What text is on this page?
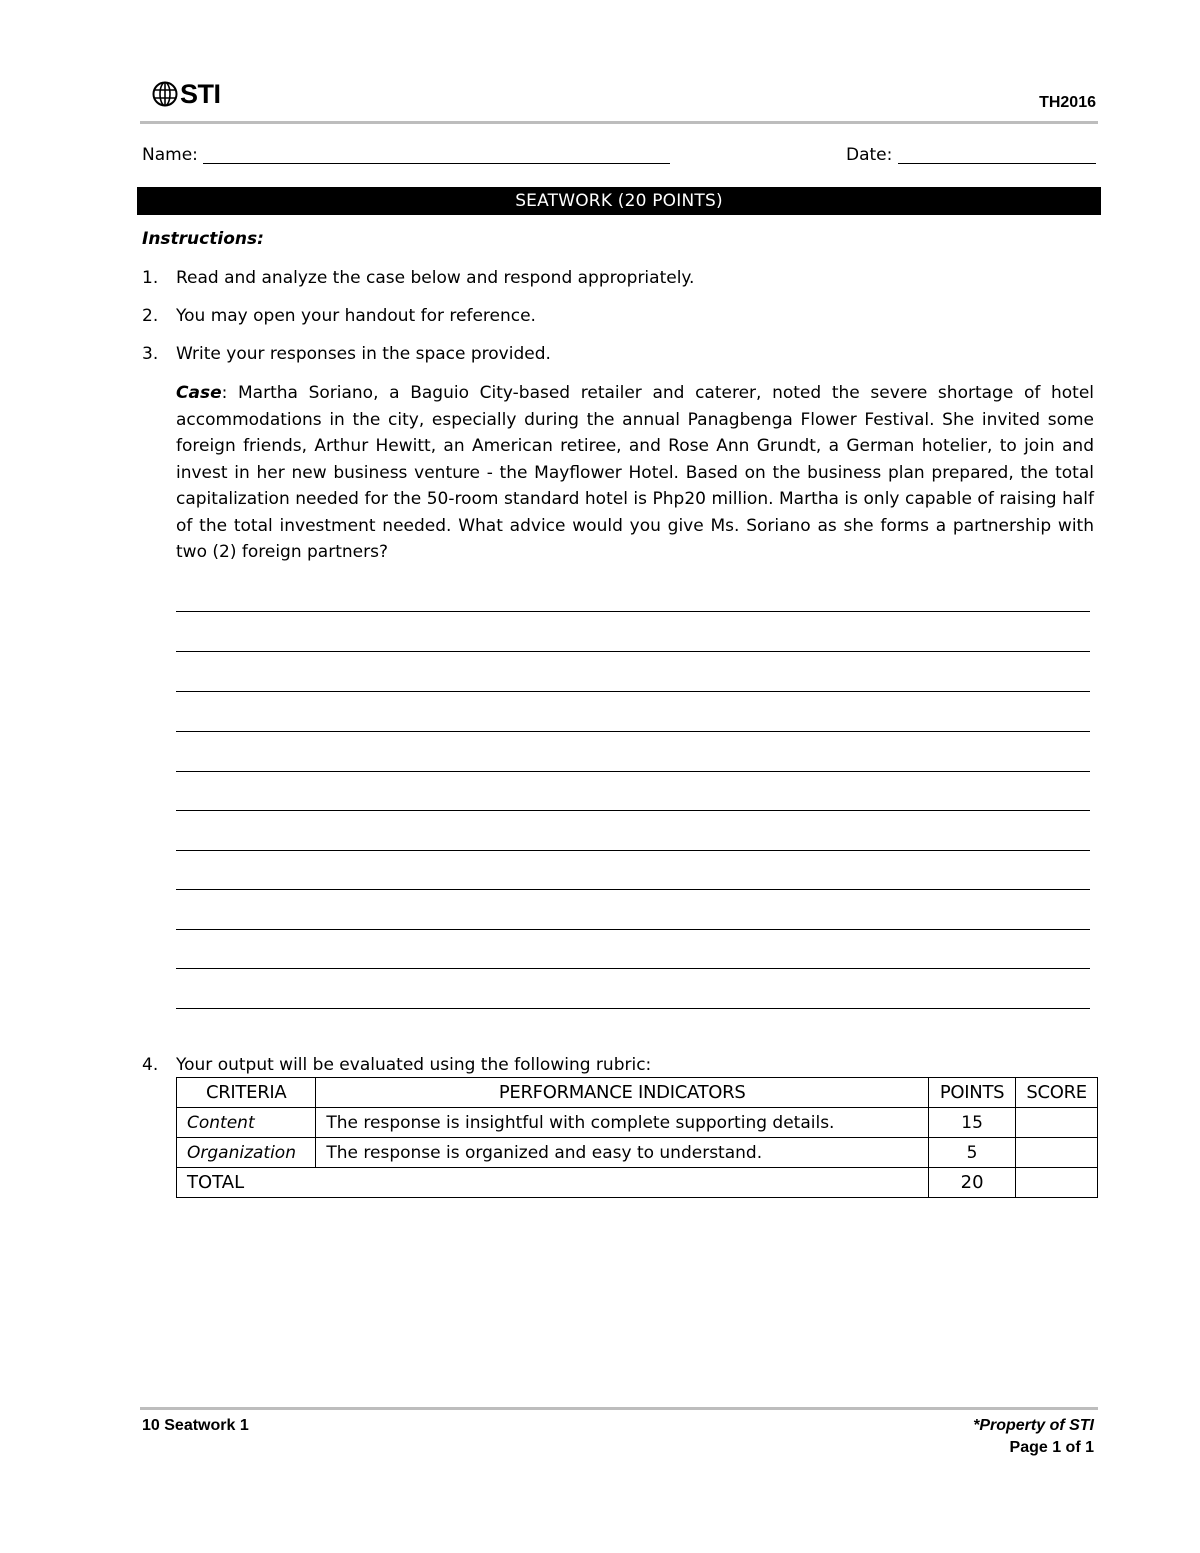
STI	TH2016
Name:	Date:
SEATWORK (20 POINTS)
Instructions:
1.	Read and analyze the case below and respond appropriately.
2.	You may open your handout for reference.
3.	Write your responses in the space provided.
Case: Martha Soriano, a Baguio City-based retailer and caterer, noted the severe shortage of hotel accommodations in the city, especially during the annual Panagbenga Flower Festival. She invited some foreign friends, Arthur Hewitt, an American retiree, and Rose Ann Grundt, a German hotelier, to join and invest in her new business venture - the Mayflower Hotel. Based on the business plan prepared, the total capitalization needed for the 50-room standard hotel is Php20 million. Martha is only capable of raising half of the total investment needed. What advice would you give Ms. Soriano as she forms a partnership with two (2) foreign partners?
4.	Your output will be evaluated using the following rubric:
CRITERIA	PERFORMANCE INDICATORS	POINTS	SCORE
Content	The response is insightful with complete supporting details.	15	
Organization	The response is organized and easy to understand.	5	
TOTAL		20	
10 Seatwork 1	*Property of STI
Page 1 of 1
